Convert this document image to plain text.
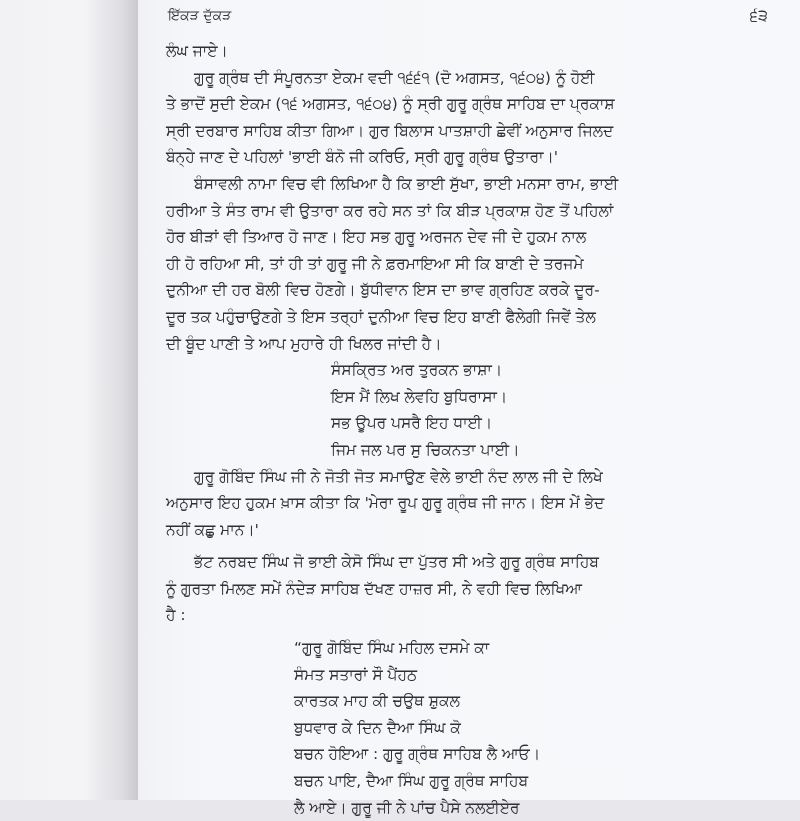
ਇੱਕੜ ਦੁੱਕੜ	੬੩
ਲੰਘ ਜਾਏ।
ਗੁਰੂ ਗ੍ਰੰਥ ਦੀ ਸੰਪੂਰਨਤਾ ਏਕਮ ਵਦੀ ੧੬੬੧ (ਦੋ ਅਗਸਤ, ੧੬੦੪) ਨੂੰ ਹੋਈ
ਤੇ ਭਾਦੋਂ ਸੁਦੀ ਏਕਮ (੧੬ ਅਗਸਤ, ੧੬੦੪) ਨੂੰ ਸ੍ਰੀ ਗੁਰੂ ਗ੍ਰੰਥ ਸਾਹਿਬ ਦਾ ਪ੍ਰਕਾਸ਼
ਸ੍ਰੀ ਦਰਬਾਰ ਸਾਹਿਬ ਕੀਤਾ ਗਿਆ। ਗੁਰ ਬਿਲਾਸ ਪਾਤਸ਼ਾਹੀ ਛੇਵੀਂ ਅਨੁਸਾਰ ਜਿਲਦ
ਬੰਨ੍ਹੇ ਜਾਣ ਦੇ ਪਹਿਲਾਂ 'ਭਾਈ ਬੰਨੋ ਜੀ ਕਰਿਓ, ਸ੍ਰੀ ਗੁਰੂ ਗ੍ਰੰਥ ਉਤਾਰਾ।'
ਬੰਸਾਵਲੀ ਨਾਮਾ ਵਿਚ ਵੀ ਲਿਖਿਆ ਹੈ ਕਿ ਭਾਈ ਸੁੱਖਾ, ਭਾਈ ਮਨਸਾ ਰਾਮ, ਭਾਈ
ਹਰੀਆ ਤੇ ਸੰਤ ਰਾਮ ਵੀ ਉਤਾਰਾ ਕਰ ਰਹੇ ਸਨ ਤਾਂ ਕਿ ਬੀੜ ਪ੍ਰਕਾਸ਼ ਹੋਣ ਤੋਂ ਪਹਿਲਾਂ
ਹੋਰ ਬੀੜਾਂ ਵੀ ਤਿਆਰ ਹੋ ਜਾਣ। ਇਹ ਸਭ ਗੁਰੂ ਅਰਜਨ ਦੇਵ ਜੀ ਦੇ ਹੁਕਮ ਨਾਲ
ਹੀ ਹੋ ਰਹਿਆ ਸੀ, ਤਾਂ ਹੀ ਤਾਂ ਗੁਰੂ ਜੀ ਨੇ ਫ਼ਰਮਾਇਆ ਸੀ ਕਿ ਬਾਣੀ ਦੇ ਤਰਜਮੇ
ਦੁਨੀਆ ਦੀ ਹਰ ਬੋਲੀ ਵਿਚ ਹੋਣਗੇ। ਬੁੱਧੀਵਾਨ ਇਸ ਦਾ ਭਾਵ ਗ੍ਰਹਿਣ ਕਰਕੇ ਦੂਰ-
ਦੂਰ ਤਕ ਪਹੁੰਚਾਉਣਗੇ ਤੇ ਇਸ ਤਰ੍ਹਾਂ ਦੁਨੀਆ ਵਿਚ ਇਹ ਬਾਣੀ ਫੈਲੇਗੀ ਜਿਵੇਂ ਤੇਲ
ਦੀ ਬੂੰਦ ਪਾਣੀ ਤੇ ਆਪ ਮੁਹਾਰੇ ਹੀ ਖਿਲਰ ਜਾਂਦੀ ਹੈ।
ਸੰਸਕ੍ਰਿਤ ਅਰ ਤੁਰਕਨ ਭਾਸ਼ਾ।
ਇਸ ਮੈਂ ਲਿਖ ਲੇਵਹਿ ਬੁਧਿਰਾਸਾ।
ਸਭ ਊਪਰ ਪਸਰੈ ਇਹ ਧਾਈ।
ਜਿਮ ਜਲ ਪਰ ਸੁ ਚਿਕਨਤਾ ਪਾਈ।
ਗੁਰੂ ਗੋਬਿੰਦ ਸਿੰਘ ਜੀ ਨੇ ਜੋਤੀ ਜੋਤ ਸਮਾਉਣ ਵੇਲੇ ਭਾਈ ਨੰਦ ਲਾਲ ਜੀ ਦੇ ਲਿਖੇ
ਅਨੁਸਾਰ ਇਹ ਹੁਕਮ ਖ਼ਾਸ ਕੀਤਾ ਕਿ 'ਮੇਰਾ ਰੂਪ ਗੁਰੂ ਗ੍ਰੰਥ ਜੀ ਜਾਨ। ਇਸ ਮੇਂ ਭੇਦ
ਨਹੀਂ ਕਛੁ ਮਾਨ।'
ਭੱਟ ਨਰਬਦ ਸਿੰਘ ਜੋ ਭਾਈ ਕੇਸੋ ਸਿੰਘ ਦਾ ਪੁੱਤਰ ਸੀ ਅਤੇ ਗੁਰੂ ਗ੍ਰੰਥ ਸਾਹਿਬ
ਨੂੰ ਗੁਰਤਾ ਮਿਲਣ ਸਮੇਂ ਨੰਦੇੜ ਸਾਹਿਬ ਦੱਖਣ ਹਾਜ਼ਰ ਸੀ, ਨੇ ਵਹੀ ਵਿਚ ਲਿਖਿਆ
ਹੈ :
“ਗੁਰੂ ਗੋਬਿੰਦ ਸਿੰਘ ਮਹਿਲ ਦਸਮੇ ਕਾ
ਸੰਮਤ ਸਤਾਰਾਂ ਸੌ ਪੈਂਹਠ
ਕਾਰਤਕ ਮਾਹ ਕੀ ਚਉਥ ਸ਼ੁਕਲ
ਬੁਧਵਾਰ ਕੇ ਦਿਨ ਦੈਆ ਸਿੰਘ ਕੋ
ਬਚਨ ਹੋਇਆ : ਗੁਰੂ ਗ੍ਰੰਥ ਸਾਹਿਬ ਲੈ ਆਓ।
ਬਚਨ ਪਾਇ, ਦੈਆ ਸਿੰਘ ਗੁਰੂ ਗ੍ਰੰਥ ਸਾਹਿਬ
ਲੈ ਆਏ। ਗੁਰੂ ਜੀ ਨੇ ਪਾਂਚ ਪੈਸੇ ਨਲਈਏਰ
